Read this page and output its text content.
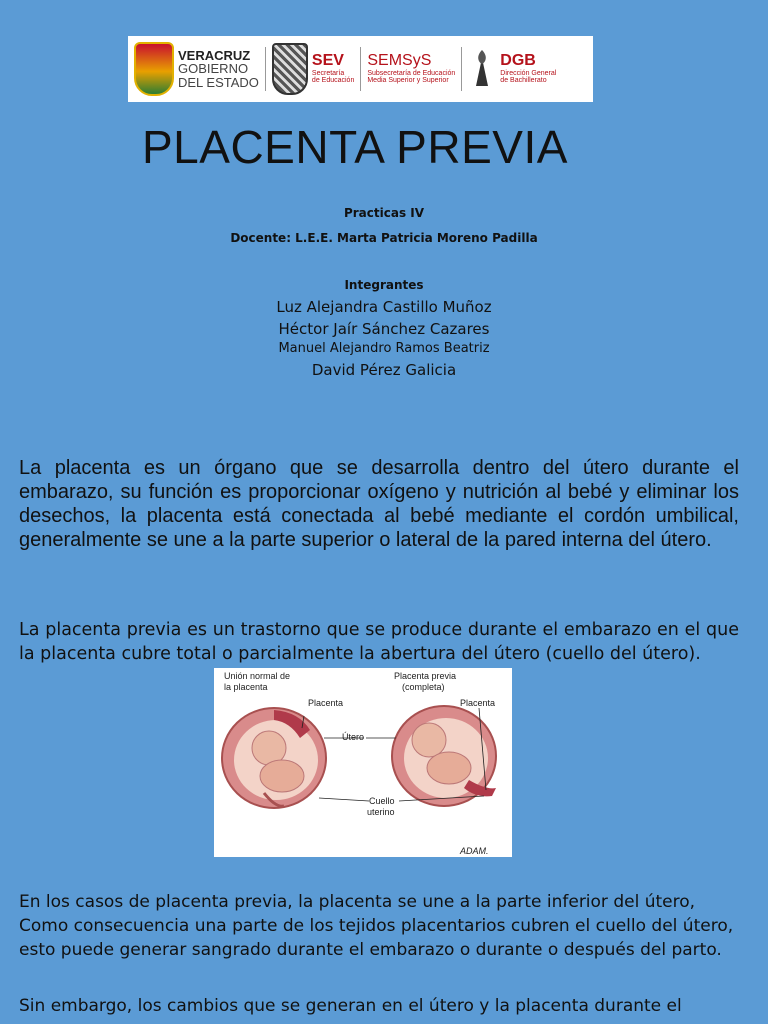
VERACRUZ
GOBIERNO
DEL ESTADO
SEV
Secretaría
de Educación
SEMSyS
Subsecretaría de Educación
Media Superior y Superior
DGB
Dirección General
de Bachillerato
PLACENTA PREVIA
Practicas IV
Docente: L.E.E. Marta Patricia Moreno Padilla
Integrantes
Luz Alejandra Castillo Muñoz
Héctor Jaír Sánchez Cazares
Manuel Alejandro Ramos Beatriz
David Pérez Galicia

La placenta es un órgano que se desarrolla dentro del útero durante el embarazo, su función es proporcionar oxígeno y nutrición al bebé y eliminar los desechos, la placenta está conectada al bebé mediante el cordón umbilical, generalmente se une a la parte superior o lateral de la pared interna del útero.

La placenta previa es un trastorno que se produce durante el embarazo en el que la placenta cubre total o parcialmente la abertura del útero (cuello del útero).

Unión normal de
la placenta
Placenta previa
(completa)
Placenta	Placenta
Útero
Cuello
uterino
ADAM.

En los casos de placenta previa, la placenta se une a la parte inferior del útero, Como consecuencia una parte de los tejidos placentarios cubren el cuello del útero, esto puede generar sangrado durante el embarazo o durante o después del parto.

Sin embargo, los cambios que se generan en el útero y la placenta durante el
